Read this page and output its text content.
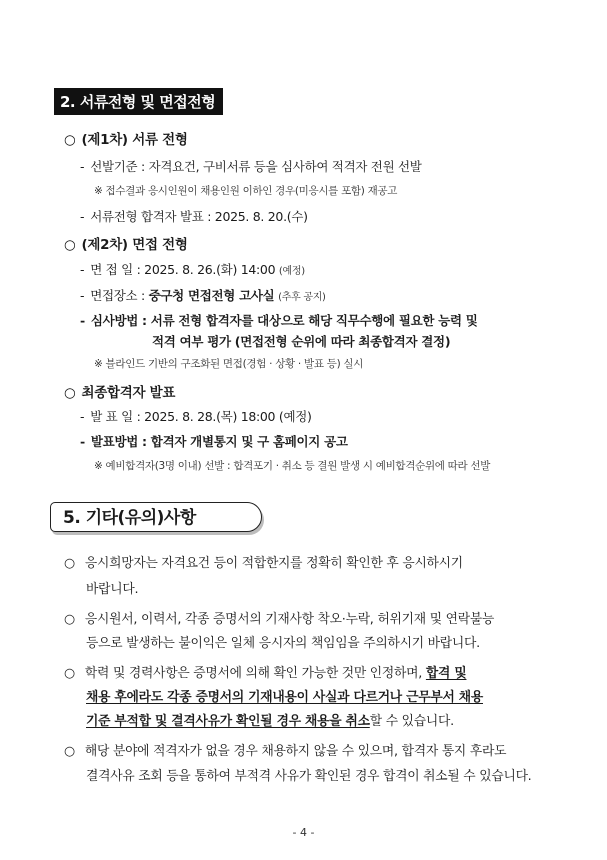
2. 서류전형 및 면접전형
○ (제1차) 서류 전형
- 선발기준 : 자격요건, 구비서류 등을 심사하여 적격자 전원 선발
※ 접수결과 응시인원이 채용인원 이하인 경우(미응시를 포함) 재공고
- 서류전형 합격자 발표 : 2025. 8. 20.(수)
○ (제2차) 면접 전형
- 면 접 일 : 2025. 8. 26.(화) 14:00 (예정)
- 면접장소 : 중구청 면접전형 고사실 (추후 공지)
- 심사방법 : 서류 전형 합격자를 대상으로 해당 직무수행에 필요한 능력 및
적격 여부 평가 (면접전형 순위에 따라 최종합격자 결정)
※ 블라인드 기반의 구조화된 면접(경험 · 상황 · 발표 등) 실시
○ 최종합격자 발표
- 발 표 일 : 2025. 8. 28.(목) 18:00 (예정)
- 발표방법 : 합격자 개별통지 및 구 홈페이지 공고
※ 예비합격자(3명 이내) 선발 : 합격포기 · 취소 등 결원 발생 시 예비합격순위에 따라 선발
5. 기타(유의)사항
○ 응시희망자는 자격요건 등이 적합한지를 정확히 확인한 후 응시하시기
바랍니다.
○ 응시원서, 이력서, 각종 증명서의 기재사항 착오·누락, 허위기재 및 연락불능
등으로 발생하는 불이익은 일체 응시자의 책임임을 주의하시기 바랍니다.
○ 학력 및 경력사항은 증명서에 의해 확인 가능한 것만 인정하며, 합격 및
채용 후에라도 각종 증명서의 기재내용이 사실과 다르거나 근무부서 채용
기준 부적합 및 결격사유가 확인될 경우 채용을 취소할 수 있습니다.
○ 해당 분야에 적격자가 없을 경우 채용하지 않을 수 있으며, 합격자 통지 후라도
결격사유 조회 등을 통하여 부적격 사유가 확인된 경우 합격이 취소될 수 있습니다.
- 4 -
